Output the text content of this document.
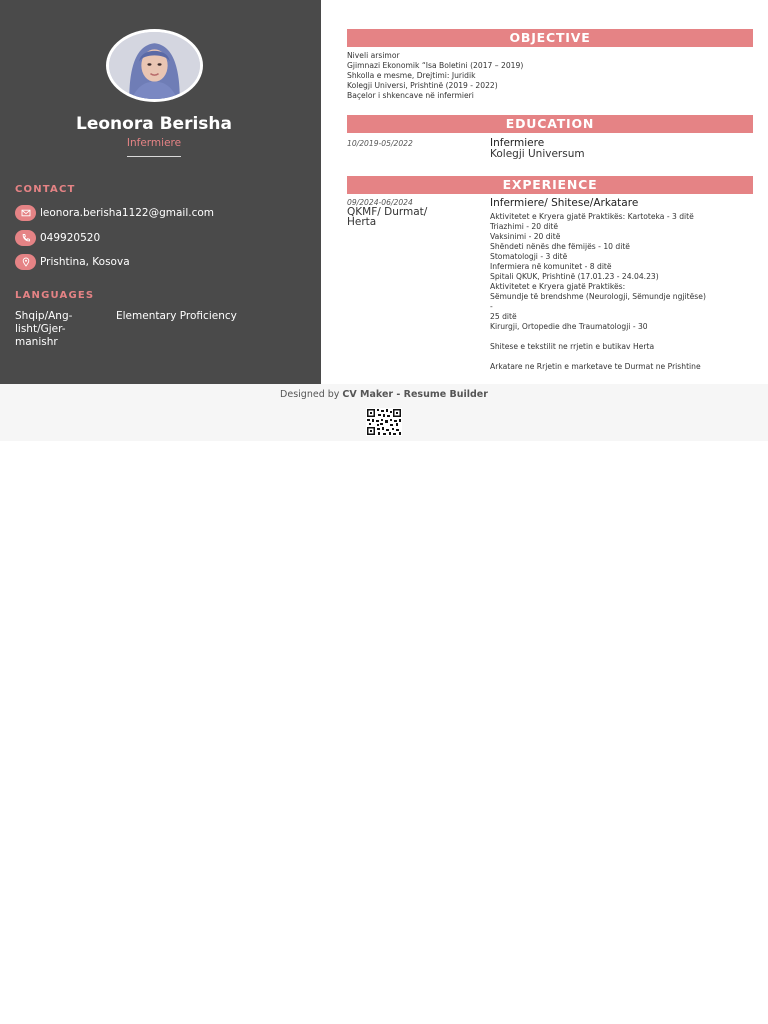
Leonora Berisha
Infermiere
CONTACT
leonora.berisha1122@gmail.com
049920520
Prishtina, Kosova
LANGUAGES
Shqip/Ang-
lisht/Gjer-
manishr
Elementary Proficiency
OBJECTIVE
Niveli arsimor
Gjimnazi Ekonomik “Isa Boletini (2017 – 2019)
Shkolla e mesme, Drejtimi: Juridik
Kolegji Universi, Prishtinë (2019 - 2022)
Baçelor i shkencave në infermieri
EDUCATION
10/2019-05/2022	Infermiere
Kolegji Universum
EXPERIENCE
09/2024-06/2024
QKMF/ Durmat/ Herta
Infermiere/ Shitese/Arkatare
Aktivitetet e Kryera gjatë Praktikës: Kartoteka - 3 ditë
Triazhimi - 20 ditë
Vaksinimi - 20 ditë
Shëndeti nënës dhe fëmijës - 10 ditë
Stomatologji - 3 ditë
Infermiera në komunitet - 8 ditë
Spitali QKUK, Prishtinë (17.01.23 - 24.04.23)
Aktivitetet e Kryera gjatë Praktikës:
Sëmundje të brendshme (Neurologji, Sëmundje ngjitëse)
-
25 ditë
Kirurgji, Ortopedie dhe Traumatologji - 30
Shitese e tekstilit ne rrjetin e butikav Herta
Arkatare ne Rrjetin e marketave te Durmat ne Prishtine
Designed by CV Maker - Resume Builder
